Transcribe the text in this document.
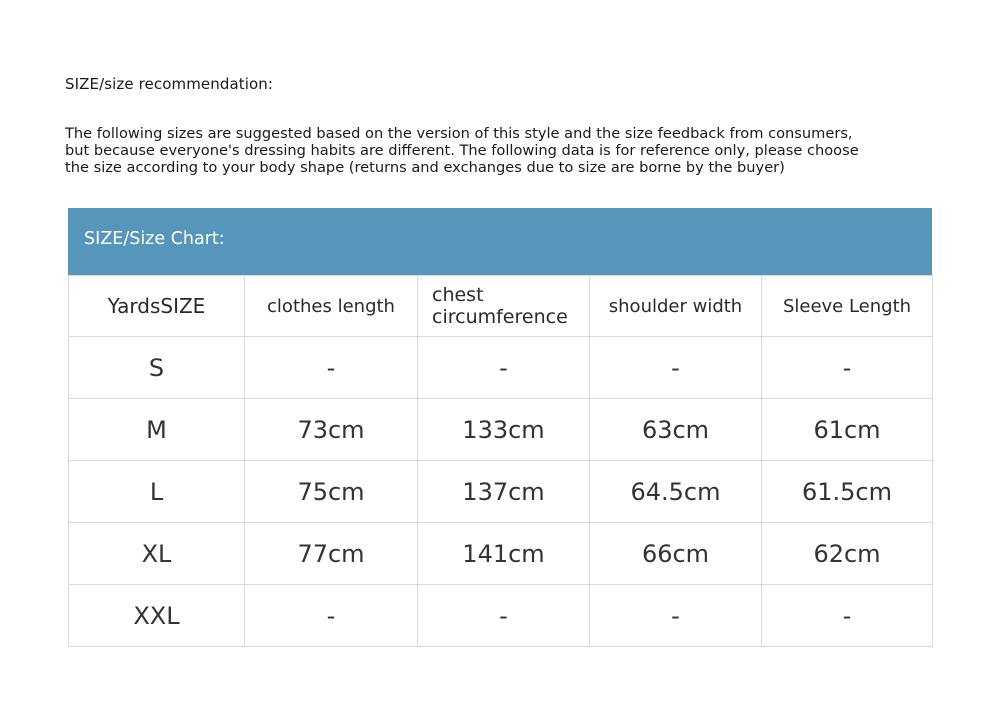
SIZE/size recommendation:
The following sizes are suggested based on the version of this style and the size feedback from consumers,
but because everyone's dressing habits are different. The following data is for reference only, please choose
the size according to your body shape (returns and exchanges due to size are borne by the buyer)
SIZE/Size Chart:
YardsSIZE	clothes length	chest circumference	shoulder width	Sleeve Length
S	-	-	-	-
M	73cm	133cm	63cm	61cm
L	75cm	137cm	64.5cm	61.5cm
XL	77cm	141cm	66cm	62cm
XXL	-	-	-	-
